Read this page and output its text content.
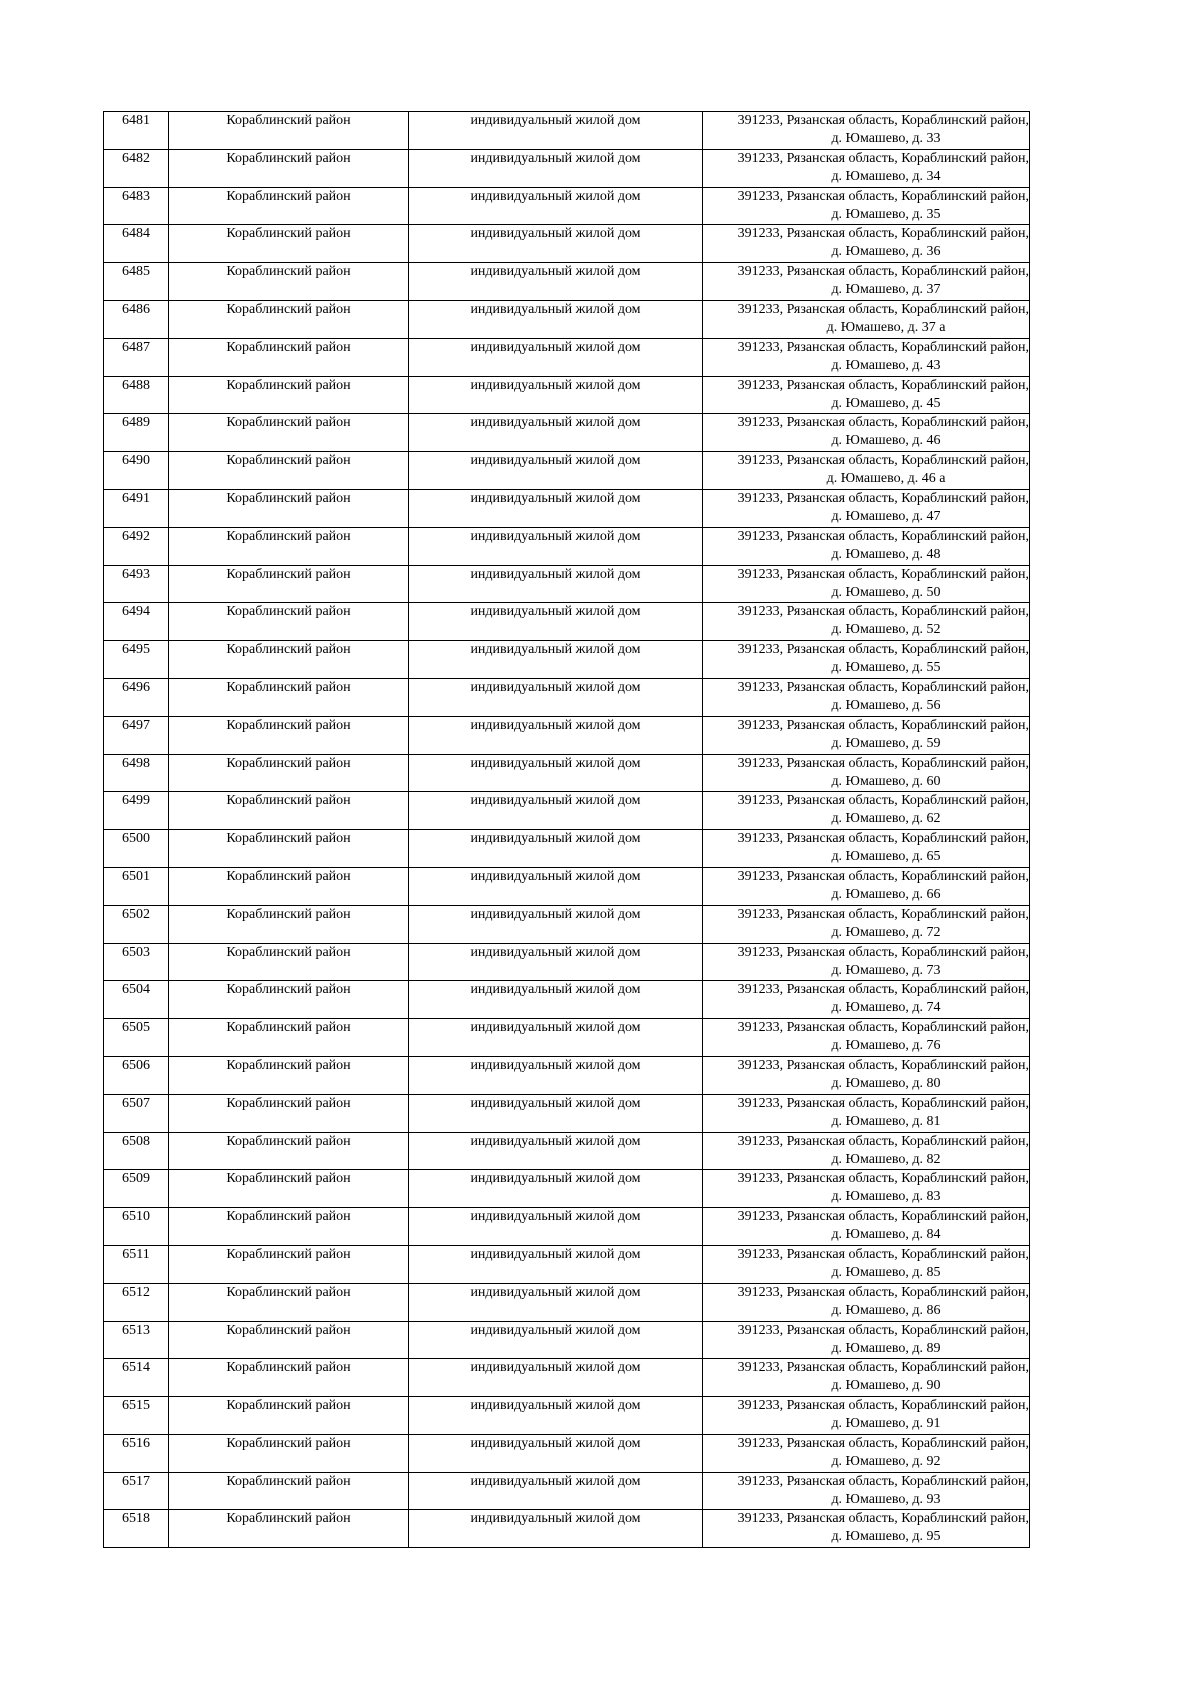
6481	Кораблинский район	индивидуальный жилой дом	391233, Рязанская область, Кораблинский район,
д. Юмашево, д. 33

6482	Кораблинский район	индивидуальный жилой дом	391233, Рязанская область, Кораблинский район,
д. Юмашево, д. 34

6483	Кораблинский район	индивидуальный жилой дом	391233, Рязанская область, Кораблинский район,
д. Юмашево, д. 35

6484	Кораблинский район	индивидуальный жилой дом	391233, Рязанская область, Кораблинский район,
д. Юмашево, д. 36

6485	Кораблинский район	индивидуальный жилой дом	391233, Рязанская область, Кораблинский район,
д. Юмашево, д. 37

6486	Кораблинский район	индивидуальный жилой дом	391233, Рязанская область, Кораблинский район,
д. Юмашево, д. 37 а

6487	Кораблинский район	индивидуальный жилой дом	391233, Рязанская область, Кораблинский район,
д. Юмашево, д. 43

6488	Кораблинский район	индивидуальный жилой дом	391233, Рязанская область, Кораблинский район,
д. Юмашево, д. 45

6489	Кораблинский район	индивидуальный жилой дом	391233, Рязанская область, Кораблинский район,
д. Юмашево, д. 46

6490	Кораблинский район	индивидуальный жилой дом	391233, Рязанская область, Кораблинский район,
д. Юмашево, д. 46 а

6491	Кораблинский район	индивидуальный жилой дом	391233, Рязанская область, Кораблинский район,
д. Юмашево, д. 47

6492	Кораблинский район	индивидуальный жилой дом	391233, Рязанская область, Кораблинский район,
д. Юмашево, д. 48

6493	Кораблинский район	индивидуальный жилой дом	391233, Рязанская область, Кораблинский район,
д. Юмашево, д. 50

6494	Кораблинский район	индивидуальный жилой дом	391233, Рязанская область, Кораблинский район,
д. Юмашево, д. 52

6495	Кораблинский район	индивидуальный жилой дом	391233, Рязанская область, Кораблинский район,
д. Юмашево, д. 55

6496	Кораблинский район	индивидуальный жилой дом	391233, Рязанская область, Кораблинский район,
д. Юмашево, д. 56

6497	Кораблинский район	индивидуальный жилой дом	391233, Рязанская область, Кораблинский район,
д. Юмашево, д. 59

6498	Кораблинский район	индивидуальный жилой дом	391233, Рязанская область, Кораблинский район,
д. Юмашево, д. 60

6499	Кораблинский район	индивидуальный жилой дом	391233, Рязанская область, Кораблинский район,
д. Юмашево, д. 62

6500	Кораблинский район	индивидуальный жилой дом	391233, Рязанская область, Кораблинский район,
д. Юмашево, д. 65

6501	Кораблинский район	индивидуальный жилой дом	391233, Рязанская область, Кораблинский район,
д. Юмашево, д. 66

6502	Кораблинский район	индивидуальный жилой дом	391233, Рязанская область, Кораблинский район,
д. Юмашево, д. 72

6503	Кораблинский район	индивидуальный жилой дом	391233, Рязанская область, Кораблинский район,
д. Юмашево, д. 73

6504	Кораблинский район	индивидуальный жилой дом	391233, Рязанская область, Кораблинский район,
д. Юмашево, д. 74

6505	Кораблинский район	индивидуальный жилой дом	391233, Рязанская область, Кораблинский район,
д. Юмашево, д. 76

6506	Кораблинский район	индивидуальный жилой дом	391233, Рязанская область, Кораблинский район,
д. Юмашево, д. 80

6507	Кораблинский район	индивидуальный жилой дом	391233, Рязанская область, Кораблинский район,
д. Юмашево, д. 81

6508	Кораблинский район	индивидуальный жилой дом	391233, Рязанская область, Кораблинский район,
д. Юмашево, д. 82

6509	Кораблинский район	индивидуальный жилой дом	391233, Рязанская область, Кораблинский район,
д. Юмашево, д. 83

6510	Кораблинский район	индивидуальный жилой дом	391233, Рязанская область, Кораблинский район,
д. Юмашево, д. 84

6511	Кораблинский район	индивидуальный жилой дом	391233, Рязанская область, Кораблинский район,
д. Юмашево, д. 85

6512	Кораблинский район	индивидуальный жилой дом	391233, Рязанская область, Кораблинский район,
д. Юмашево, д. 86

6513	Кораблинский район	индивидуальный жилой дом	391233, Рязанская область, Кораблинский район,
д. Юмашево, д. 89

6514	Кораблинский район	индивидуальный жилой дом	391233, Рязанская область, Кораблинский район,
д. Юмашево, д. 90

6515	Кораблинский район	индивидуальный жилой дом	391233, Рязанская область, Кораблинский район,
д. Юмашево, д. 91

6516	Кораблинский район	индивидуальный жилой дом	391233, Рязанская область, Кораблинский район,
д. Юмашево, д. 92

6517	Кораблинский район	индивидуальный жилой дом	391233, Рязанская область, Кораблинский район,
д. Юмашево, д. 93

6518	Кораблинский район	индивидуальный жилой дом	391233, Рязанская область, Кораблинский район,
д. Юмашево, д. 95
